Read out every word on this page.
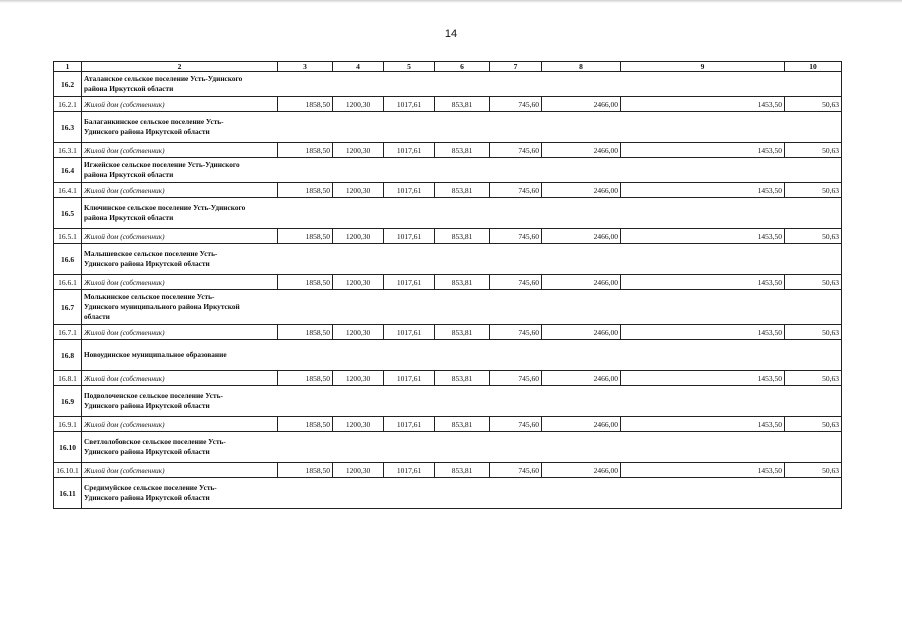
14
1	2	3	4	5	6	7	8	9	10
16.2	Аталанское сельское поселение Усть-Удинского
района Иркутской области								

16.2.1	Жилой дом (собственник)	1858,50	1200,30	1017,61	853,81	745,60	2466,00	1453,50	50,63
16.3	Балаганкинское сельское поселение Усть-
Удинского района Иркутской области								

16.3.1	Жилой дом (собственник)	1858,50	1200,30	1017,61	853,81	745,60	2466,00	1453,50	50,63
16.4	Игжейское сельское поселение Усть-Удинского
района Иркутской области								

16.4.1	Жилой дом (собственник)	1858,50	1200,30	1017,61	853,81	745,60	2466,00	1453,50	50,63
16.5	Ключинское сельское поселение Усть-Удинского
района Иркутской области								

16.5.1	Жилой дом (собственник)	1858,50	1200,30	1017,61	853,81	745,60	2466,00	1453,50	50,63
16.6	Малышевское сельское поселение Усть-
Удинского района Иркутской области								

16.6.1	Жилой дом (собственник)	1858,50	1200,30	1017,61	853,81	745,60	2466,00	1453,50	50,63
16.7	Молькинское сельское поселение Усть-
Удинского муниципального района Иркутской
области								

16.7.1	Жилой дом (собственник)	1858,50	1200,30	1017,61	853,81	745,60	2466,00	1453,50	50,63
16.8	Новоудинское муниципальное образование								

16.8.1	Жилой дом (собственник)	1858,50	1200,30	1017,61	853,81	745,60	2466,00	1453,50	50,63
16.9	Подволоченское сельское поселение Усть-
Удинского района Иркутской области								

16.9.1	Жилой дом (собственник)	1858,50	1200,30	1017,61	853,81	745,60	2466,00	1453,50	50,63
16.10	Светлолобовское сельское поселение Усть-
Удинского района Иркутской области								

16.10.1	Жилой дом (собственник)	1858,50	1200,30	1017,61	853,81	745,60	2466,00	1453,50	50,63
16.11	Средимуйское сельское поселение Усть-
Удинского района Иркутской области								
